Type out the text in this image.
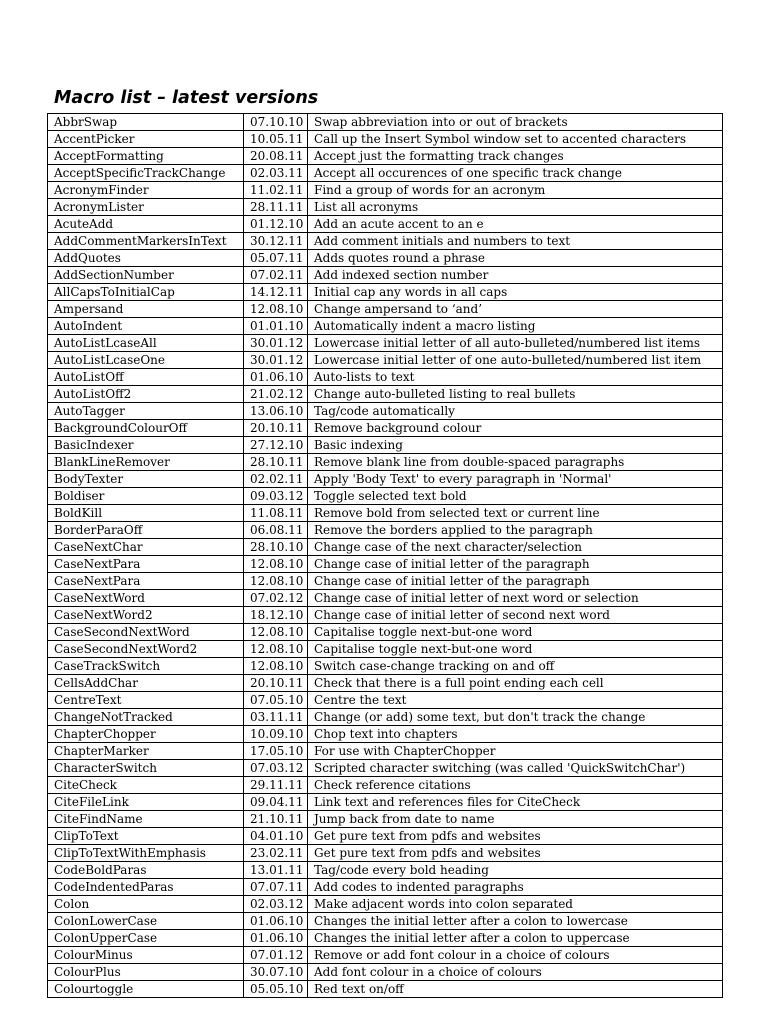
Macro list – latest versions
AbbrSwap	07.10.10	Swap abbreviation into or out of brackets
AccentPicker	10.05.11	Call up the Insert Symbol window set to accented characters
AcceptFormatting	20.08.11	Accept just the formatting track changes
AcceptSpecificTrackChange	02.03.11	Accept all occurences of one specific track change
AcronymFinder	11.02.11	Find a group of words for an acronym
AcronymLister	28.11.11	List all acronyms
AcuteAdd	01.12.10	Add an acute accent to an e
AddCommentMarkersInText	30.12.11	Add comment initials and numbers to text
AddQuotes	05.07.11	Adds quotes round a phrase
AddSectionNumber	07.02.11	Add indexed section number
AllCapsToInitialCap	14.12.11	Initial cap any words in all caps
Ampersand	12.08.10	Change ampersand to ‘and’
AutoIndent	01.01.10	Automatically indent a macro listing
AutoListLcaseAll	30.01.12	Lowercase initial letter of all auto-bulleted/numbered list items
AutoListLcaseOne	30.01.12	Lowercase initial letter of one auto-bulleted/numbered list item
AutoListOff	01.06.10	Auto-lists to text
AutoListOff2	21.02.12	Change auto-bulleted listing to real bullets
AutoTagger	13.06.10	Tag/code automatically
BackgroundColourOff	20.10.11	Remove background colour
BasicIndexer	27.12.10	Basic indexing
BlankLineRemover	28.10.11	Remove blank line from double-spaced paragraphs
BodyTexter	02.02.11	Apply 'Body Text' to every paragraph in 'Normal'
Boldiser	09.03.12	Toggle selected text bold
BoldKill	11.08.11	Remove bold from selected text or current line
BorderParaOff	06.08.11	Remove the borders applied to the paragraph
CaseNextChar	28.10.10	Change case of the next character/selection
CaseNextPara	12.08.10	Change case of initial letter of the paragraph
CaseNextPara	12.08.10	Change case of initial letter of the paragraph
CaseNextWord	07.02.12	Change case of initial letter of next word or selection
CaseNextWord2	18.12.10	Change case of initial letter of second next word
CaseSecondNextWord	12.08.10	Capitalise toggle next-but-one word
CaseSecondNextWord2	12.08.10	Capitalise toggle next-but-one word
CaseTrackSwitch	12.08.10	Switch case-change tracking on and off
CellsAddChar	20.10.11	Check that there is a full point ending each cell
CentreText	07.05.10	Centre the text
ChangeNotTracked	03.11.11	Change (or add) some text, but don't track the change
ChapterChopper	10.09.10	Chop text into chapters
ChapterMarker	17.05.10	For use with ChapterChopper
CharacterSwitch	07.03.12	Scripted character switching (was called 'QuickSwitchChar')
CiteCheck	29.11.11	Check reference citations
CiteFileLink	09.04.11	Link text and references files for CiteCheck
CiteFindName	21.10.11	Jump back from date to name
ClipToText	04.01.10	Get pure text from pdfs and websites
ClipToTextWithEmphasis	23.02.11	Get pure text from pdfs and websites
CodeBoldParas	13.01.11	Tag/code every bold heading
CodeIndentedParas	07.07.11	Add codes to indented paragraphs
Colon	02.03.12	Make adjacent words into colon separated
ColonLowerCase	01.06.10	Changes the initial letter after a colon to lowercase
ColonUpperCase	01.06.10	Changes the initial letter after a colon to uppercase
ColourMinus	07.01.12	Remove or add font colour in a choice of colours
ColourPlus	30.07.10	Add font colour in a choice of colours
Colourtoggle	05.05.10	Red text on/off
